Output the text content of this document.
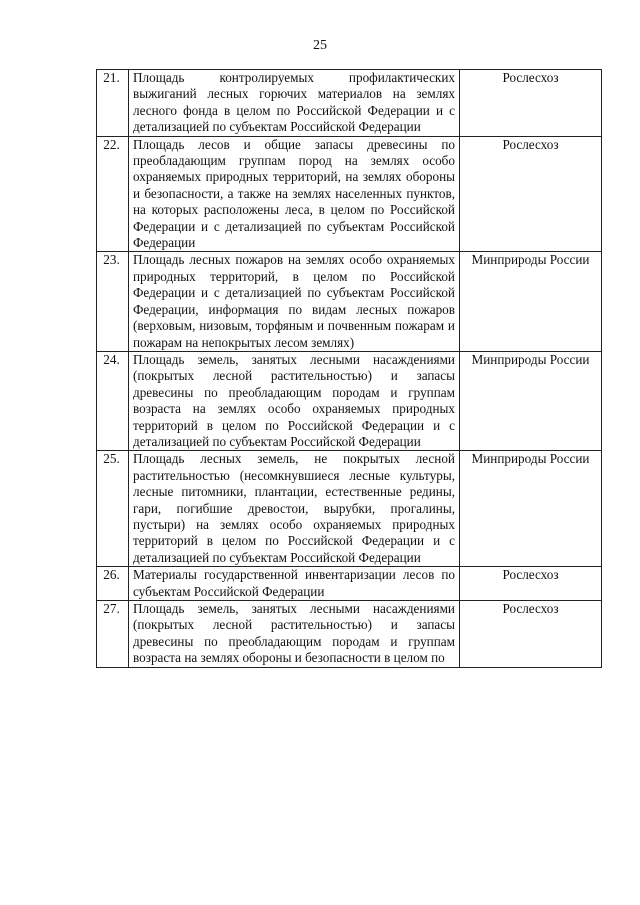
25
21.	Площадь контролируемых профилактических выжиганий лесных горючих материалов на землях лесного фонда в целом по Российской Федерации и с детализацией по субъектам Российской Федерации	Рослесхоз
22.	Площадь лесов и общие запасы древесины по преобладающим группам пород на землях особо охраняемых природных территорий, на землях обороны и безопасности, а также на землях населенных пунктов, на которых расположены леса, в целом по Российской Федерации и с детализацией по субъектам Российской Федерации	Рослесхоз
23.	Площадь лесных пожаров на землях особо охраняемых природных территорий, в целом по Российской Федерации и с детализацией по субъектам Российской Федерации, информация по видам лесных пожаров (верховым, низовым, торфяным и почвенным пожарам и пожарам на непокрытых лесом землях)	Минприроды России
24.	Площадь земель, занятых лесными насаждениями (покрытых лесной растительностью) и запасы древесины по преобладающим породам и группам возраста на землях особо охраняемых природных территорий в целом по Российской Федерации и с детализацией по субъектам Российской Федерации	Минприроды России
25.	Площадь лесных земель, не покрытых лесной растительностью (несомкнувшиеся лесные культуры, лесные питомники, плантации, естественные редины, гари, погибшие древостои, вырубки, прогалины, пустыри) на землях особо охраняемых природных территорий в целом по Российской Федерации и с детализацией по субъектам Российской Федерации	Минприроды России
26.	Материалы государственной инвентаризации лесов по субъектам Российской Федерации	Рослесхоз
27.	Площадь земель, занятых лесными насаждениями (покрытых лесной растительностью) и запасы древесины по преобладающим породам и группам возраста на землях обороны и безопасности в целом по	Рослесхоз
